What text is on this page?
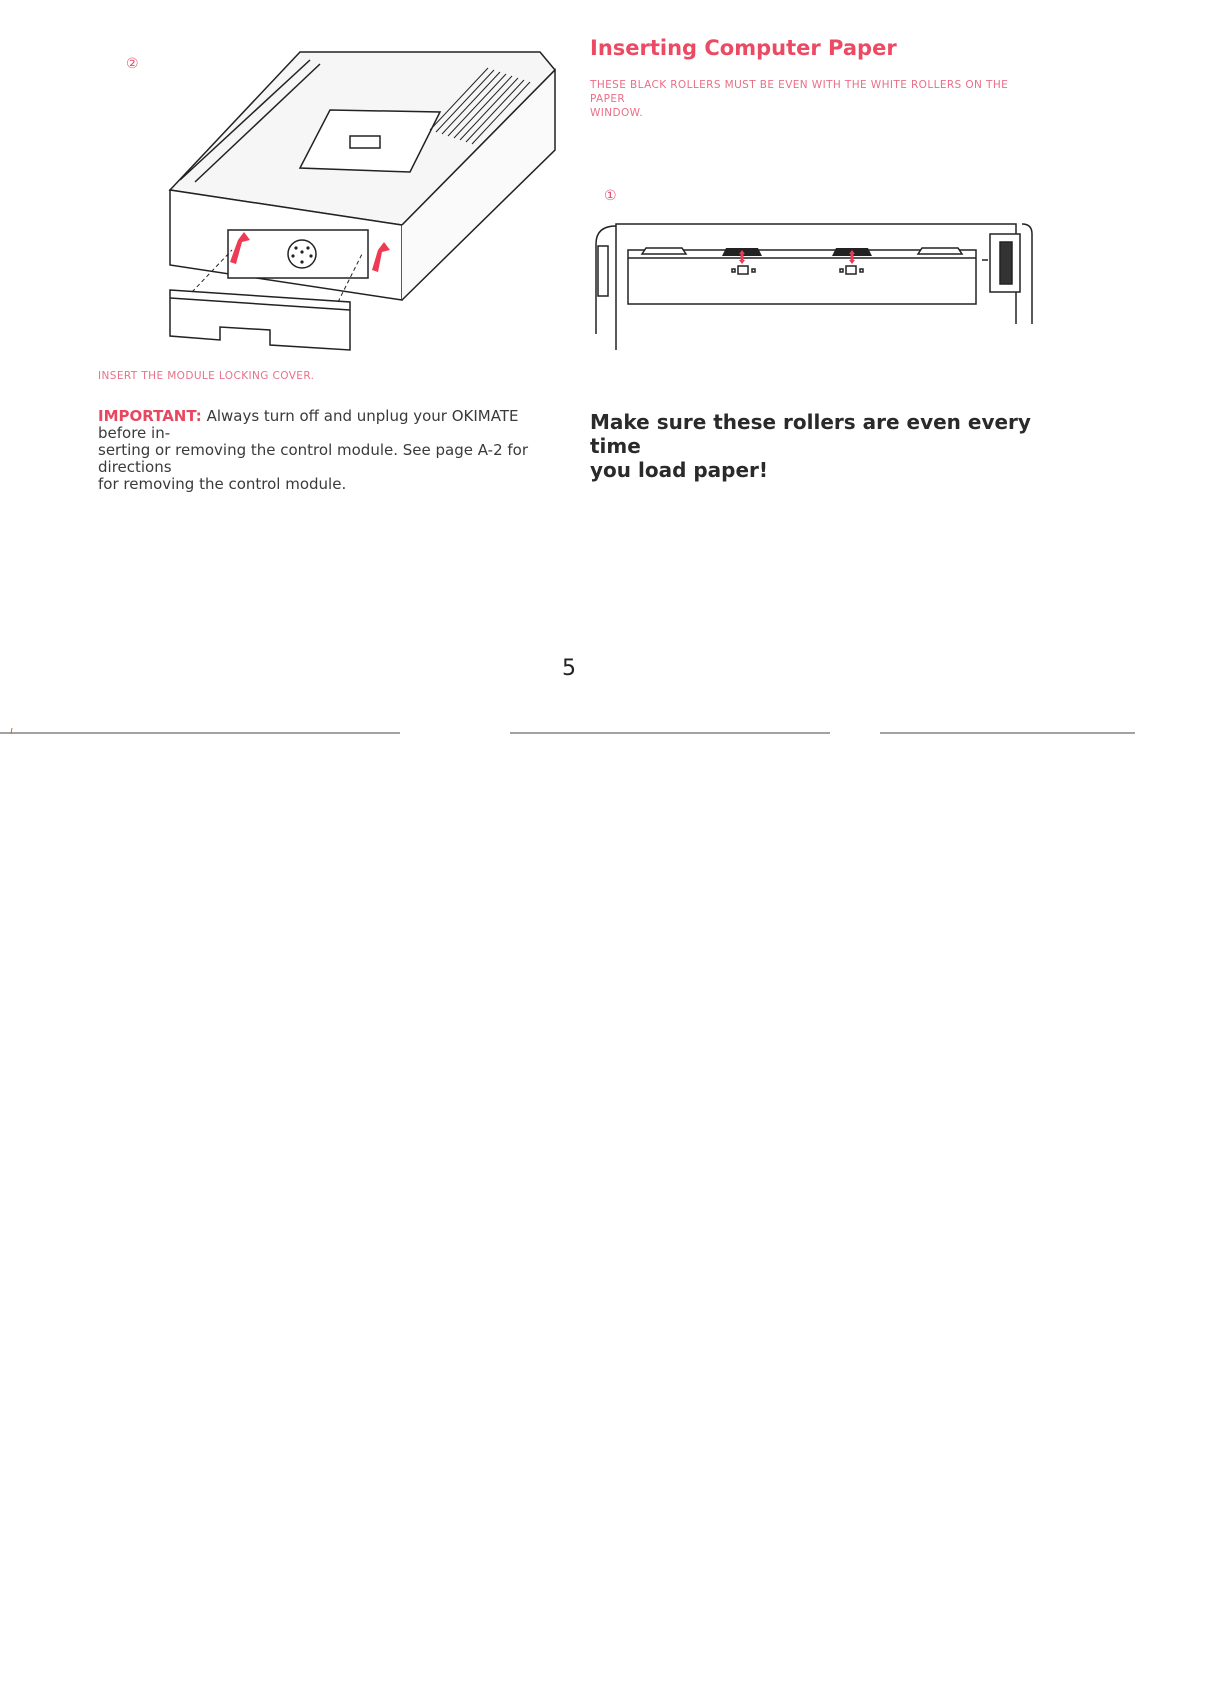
②
INSERT THE MODULE LOCKING COVER.
IMPORTANT: Always turn off and unplug your OKIMATE before in-
serting or removing the control module. See page A-2 for directions
for removing the control module.
Inserting Computer Paper
THESE BLACK ROLLERS MUST BE EVEN WITH THE WHITE ROLLERS ON THE PAPER
WINDOW.
①
Make sure these rollers are even every time
you load paper!
5
